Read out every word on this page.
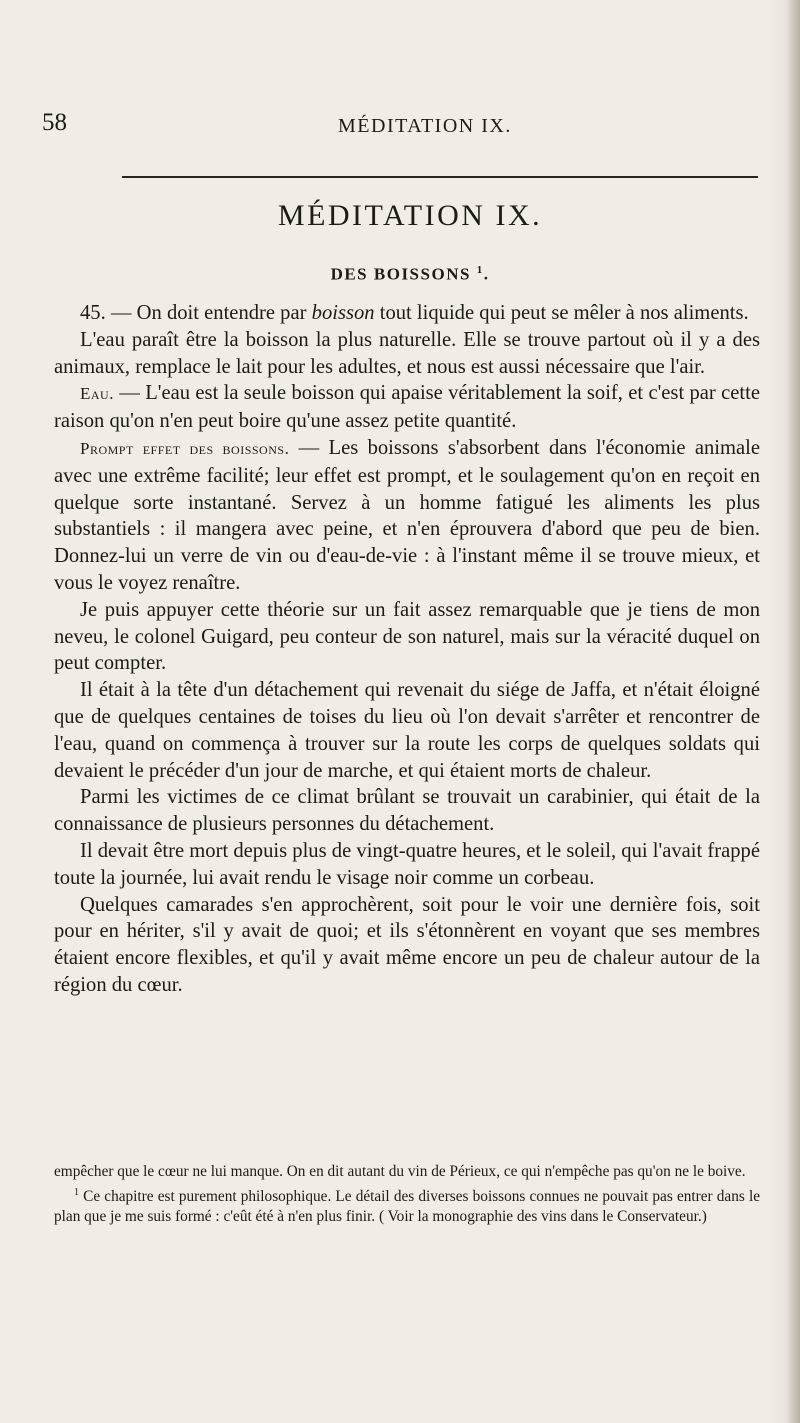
58	MÉDITATION IX.
MÉDITATION IX.
DES BOISSONS $^1$.

45. — On doit entendre par boisson tout liquide qui peut se mêler à nos aliments.

L'eau paraît être la boisson la plus naturelle. Elle se trouve partout où il y a des animaux, remplace le lait pour les adultes, et nous est aussi nécessaire que l'air.

Eau. — L'eau est la seule boisson qui apaise véritablement la soif, et c'est par cette raison qu'on n'en peut boire qu'une assez petite quantité.

Prompt effet des boissons. — Les boissons s'absorbent dans l'économie animale avec une extrême facilité; leur effet est prompt, et le soulagement qu'on en reçoit en quelque sorte instantané. Servez à un homme fatigué les aliments les plus substantiels : il mangera avec peine, et n'en éprouvera d'abord que peu de bien. Donnez-lui un verre de vin ou d'eau-de-vie : à l'instant même il se trouve mieux, et vous le voyez renaître.

Je puis appuyer cette théorie sur un fait assez remarquable que je tiens de mon neveu, le colonel Guigard, peu conteur de son naturel, mais sur la véracité duquel on peut compter.

Il était à la tête d'un détachement qui revenait du siége de Jaffa, et n'était éloigné que de quelques centaines de toises du lieu où l'on devait s'arrêter et rencontrer de l'eau, quand on commença à trouver sur la route les corps de quelques soldats qui devaient le précéder d'un jour de marche, et qui étaient morts de chaleur.

Parmi les victimes de ce climat brûlant se trouvait un carabinier, qui était de la connaissance de plusieurs personnes du détachement.

Il devait être mort depuis plus de vingt-quatre heures, et le soleil, qui l'avait frappé toute la journée, lui avait rendu le visage noir comme un corbeau.

Quelques camarades s'en approchèrent, soit pour le voir une dernière fois, soit pour en hériter, s'il y avait de quoi; et ils s'étonnèrent en voyant que ses membres étaient encore flexibles, et qu'il y avait même encore un peu de chaleur autour de la région du cœur.

empêcher que le cœur ne lui manque. On en dit autant du vin de Périeux, ce qui n'empêche pas qu'on ne le boive.

$^1$ Ce chapitre est purement philosophique. Le détail des diverses boissons connues ne pouvait pas entrer dans le plan que je me suis formé : c'eût été à n'en plus finir. ( Voir la monographie des vins dans le Conservateur.)
